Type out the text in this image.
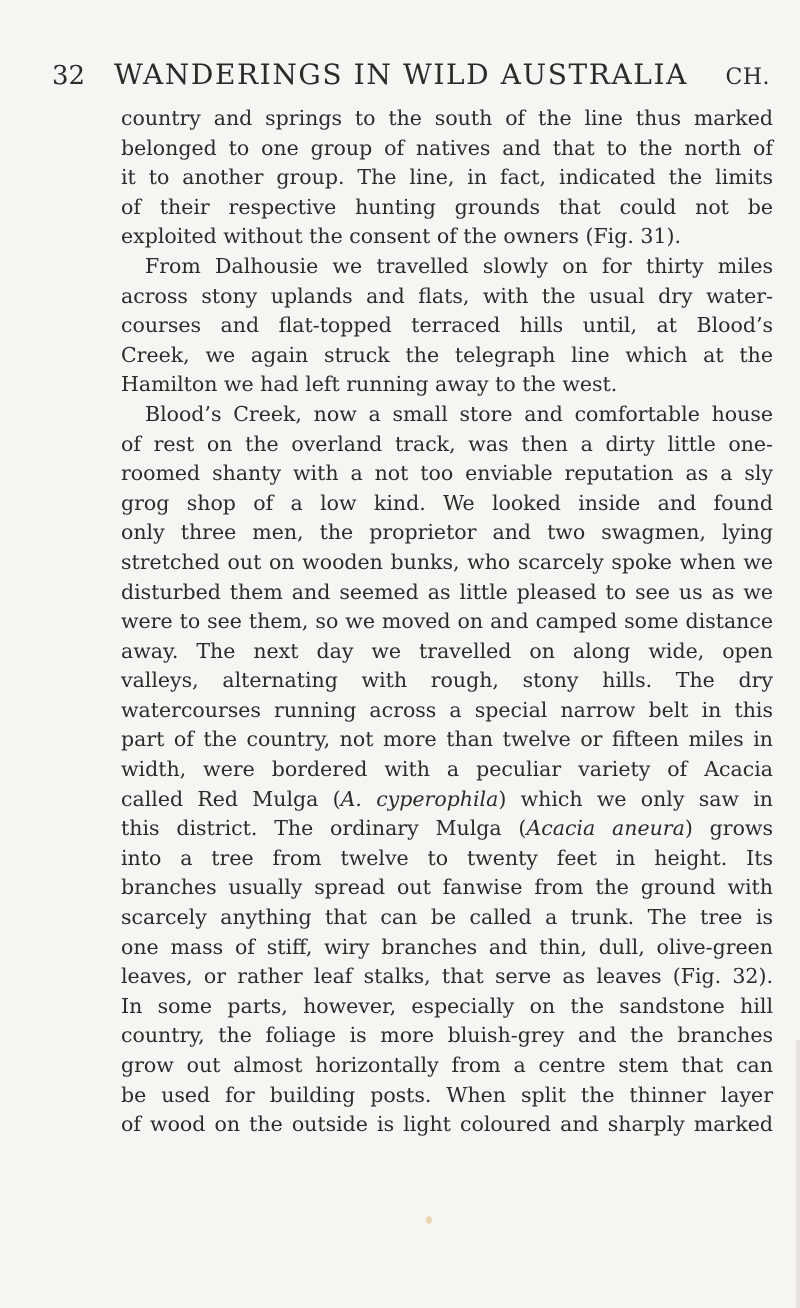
32	WANDERINGS IN WILD AUSTRALIA CH.

country and springs to the south of the line thus marked

belonged to one group of natives and that to the north of

it to another group. The line, in fact, indicated the limits

of their respective hunting grounds that could not be

exploited without the consent of the owners (Fig. 31).

From Dalhousie we travelled slowly on for thirty miles

across stony uplands and flats, with the usual dry water-

courses and flat-topped terraced hills until, at Blood’s

Creek, we again struck the telegraph line which at the

Hamilton we had left running away to the west.

Blood’s Creek, now a small store and comfortable house

of rest on the overland track, was then a dirty little one-

roomed shanty with a not too enviable reputation as a sly

grog shop of a low kind. We looked inside and found

only three men, the proprietor and two swagmen, lying

stretched out on wooden bunks, who scarcely spoke when we

disturbed them and seemed as little pleased to see us as we

were to see them, so we moved on and camped some distance

away. The next day we travelled on along wide, open

valleys, alternating with rough, stony hills. The dry

watercourses running across a special narrow belt in this

part of the country, not more than twelve or fifteen miles in

width, were bordered with a peculiar variety of Acacia

called Red Mulga (A. cyperophila) which we only saw in

this district. The ordinary Mulga (Acacia aneura) grows

into a tree from twelve to twenty feet in height. Its

branches usually spread out fanwise from the ground with

scarcely anything that can be called a trunk. The tree is

one mass of stiff, wiry branches and thin, dull, olive-green

leaves, or rather leaf stalks, that serve as leaves (Fig. 32).

In some parts, however, especially on the sandstone hill

country, the foliage is more bluish-grey and the branches

grow out almost horizontally from a centre stem that can

be used for building posts. When split the thinner layer

of wood on the outside is light coloured and sharply marked
